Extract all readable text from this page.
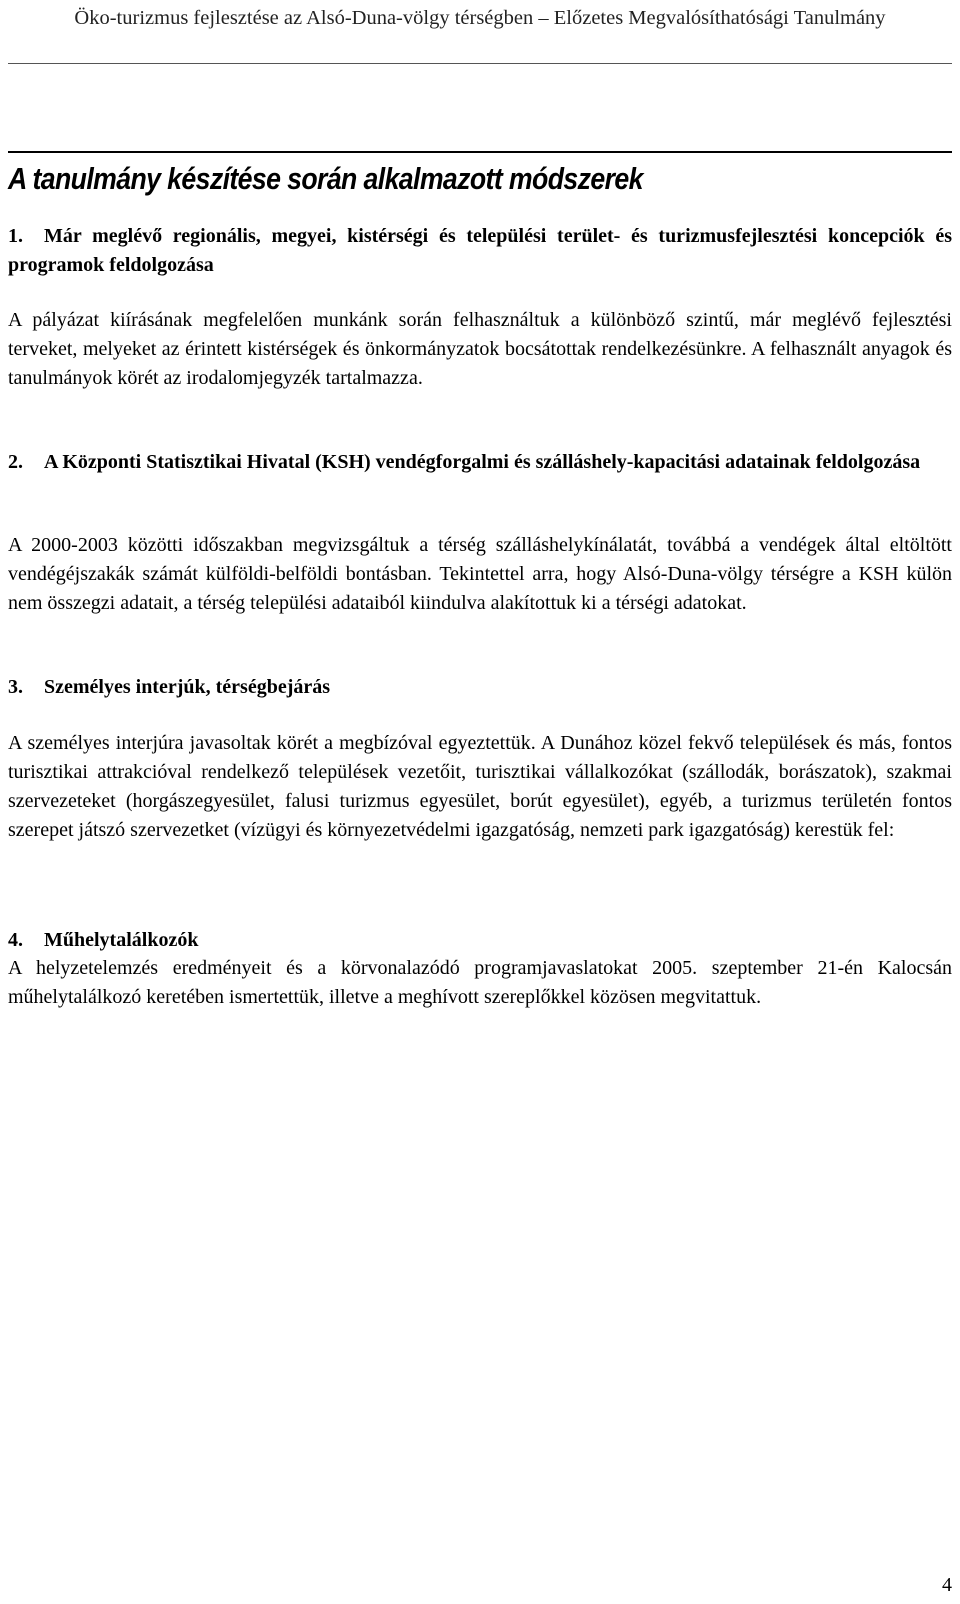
Öko-turizmus fejlesztése az Alsó-Duna-völgy térségben – Előzetes Megvalósíthatósági Tanulmány
A tanulmány készítése során alkalmazott módszerek

1. Már meglévő regionális, megyei, kistérségi és települési terület- és turizmusfejlesztési koncepciók és programok feldolgozása

A pályázat kiírásának megfelelően munkánk során felhasználtuk a különböző szintű, már meglévő fejlesztési terveket, melyeket az érintett kistérségek és önkormányzatok bocsátottak rendelkezésünkre. A felhasznált anyagok és tanulmányok körét az irodalomjegyzék tartalmazza.

2. A Központi Statisztikai Hivatal (KSH) vendégforgalmi és szálláshely-kapacitási adatainak feldolgozása

A 2000-2003 közötti időszakban megvizsgáltuk a térség szálláshelykínálatát, továbbá a vendégek által eltöltött vendégéjszakák számát külföldi-belföldi bontásban. Tekintettel arra, hogy Alsó-Duna-völgy térségre a KSH külön nem összegzi adatait, a térség települési adataiból kiindulva alakítottuk ki a térségi adatokat.

3. Személyes interjúk, térségbejárás

A személyes interjúra javasoltak körét a megbízóval egyeztettük. A Dunához közel fekvő települések és más, fontos turisztikai attrakcióval rendelkező települések vezetőit, turisztikai vállalkozókat (szállodák, borászatok), szakmai szervezeteket (horgászegyesület, falusi turizmus egyesület, borút egyesület), egyéb, a turizmus területén fontos szerepet játszó szervezetket (vízügyi és környezetvédelmi igazgatóság, nemzeti park igazgatóság) kerestük fel:

4. Műhelytalálkozók

A helyzetelemzés eredményeit és a körvonalazódó programjavaslatokat 2005. szeptember 21-én Kalocsán műhelytalálkozó keretében ismertettük, illetve a meghívott szereplőkkel közösen megvitattuk.

4
